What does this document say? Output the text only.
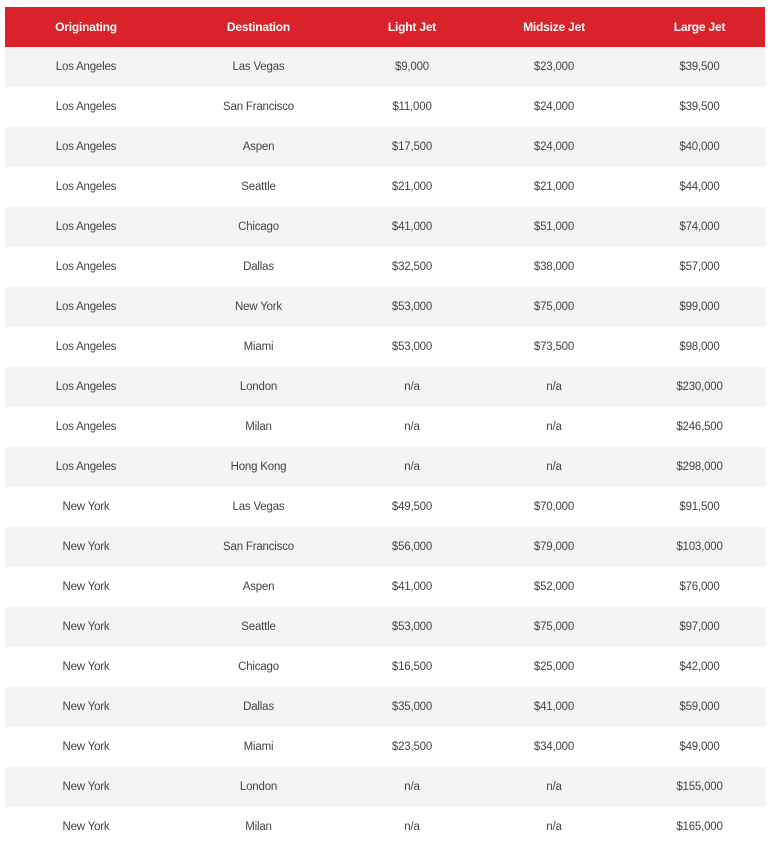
Originating	Destination	Light Jet	Midsize Jet	Large Jet
Los Angeles	Las Vegas	$9,000	$23,000	$39,500
Los Angeles	San Francisco	$11,000	$24,000	$39,500
Los Angeles	Aspen	$17,500	$24,000	$40,000
Los Angeles	Seattle	$21,000	$21,000	$44,000
Los Angeles	Chicago	$41,000	$51,000	$74,000
Los Angeles	Dallas	$32,500	$38,000	$57,000
Los Angeles	New York	$53,000	$75,000	$99,000
Los Angeles	Miami	$53,000	$73,500	$98,000
Los Angeles	London	n/a	n/a	$230,000
Los Angeles	Milan	n/a	n/a	$246,500
Los Angeles	Hong Kong	n/a	n/a	$298,000
New York	Las Vegas	$49,500	$70,000	$91,500
New York	San Francisco	$56,000	$79,000	$103,000
New York	Aspen	$41,000	$52,000	$76,000
New York	Seattle	$53,000	$75,000	$97,000
New York	Chicago	$16,500	$25,000	$42,000
New York	Dallas	$35,000	$41,000	$59,000
New York	Miami	$23,500	$34,000	$49,000
New York	London	n/a	n/a	$155,000
New York	Milan	n/a	n/a	$165,000
